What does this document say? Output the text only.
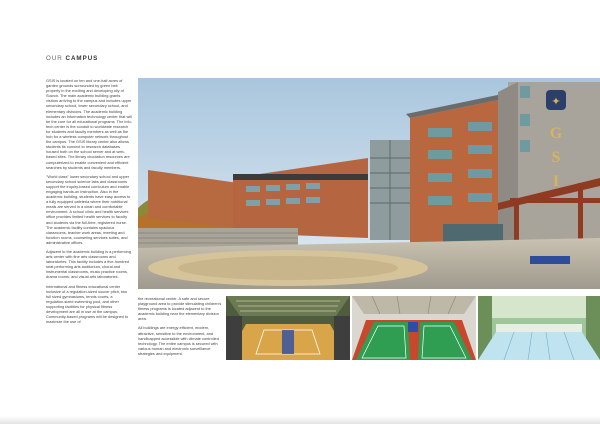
OUR CAMPUS

GSIS is located on ten and one-half acres of garden grounds surrounded by green belt property in the exciting and developing city of Suwon. The main academic building grants visitors arriving to the campus and includes upper secondary school, lower secondary school, and elementary divisions. The academic building includes an information technology center that will be the core for all educational programs. The info-tech center is the conduit to worldwide research for students and faculty members as well as the hub for a wireless computer network throughout the campus. The GSIS library center also allows students its connect to research databases housed both on the school server and at web-based sites. The library circulation resources are computerized to enable convenient and efficient searches by students and faculty members.

"World class" lower secondary school and upper secondary school science labs and classrooms support the inquiry-based curriculum and enable engaging hands-on instruction. Also in the academic building, students have easy access to a fully equipped cafeteria where their nutritional meals are served in a clean and comfortable environment. A school clinic and health services office provides limited health services to faculty and students via the full-time, registered nurse. The academic facility contains spacious classrooms, teacher work areas, meeting and function rooms, counseling services suites, and administrative offices.

Adjacent to the academic building is a performing arts center with fine arts classrooms and laboratories. This facility includes a five-hundred seat performing arts auditorium, choral and instrumental classrooms, music practice rooms, drama rooms, and visual arts laboratories.

International and fitness educational center inclusive of a regulation-sized soccer pitch, two full sized gymnasiums, tennis courts, a regulation-sized swimming pool, and other supporting facilities for physical fitness development are all in use at the campus. Community-based programs will be designed to maximize the use of

the recreational center. A safe and secure playground area to provide stimulating children's fitness programs is located adjacent to the academic building near the elementary division area.

All buildings are energy efficient, modern, attractive, sensitive to the environment, and handicapped accessible with climate controlled technology. The entire campus is secured with various human and electronic surveillance strategies and equipment.

✦
G S I
